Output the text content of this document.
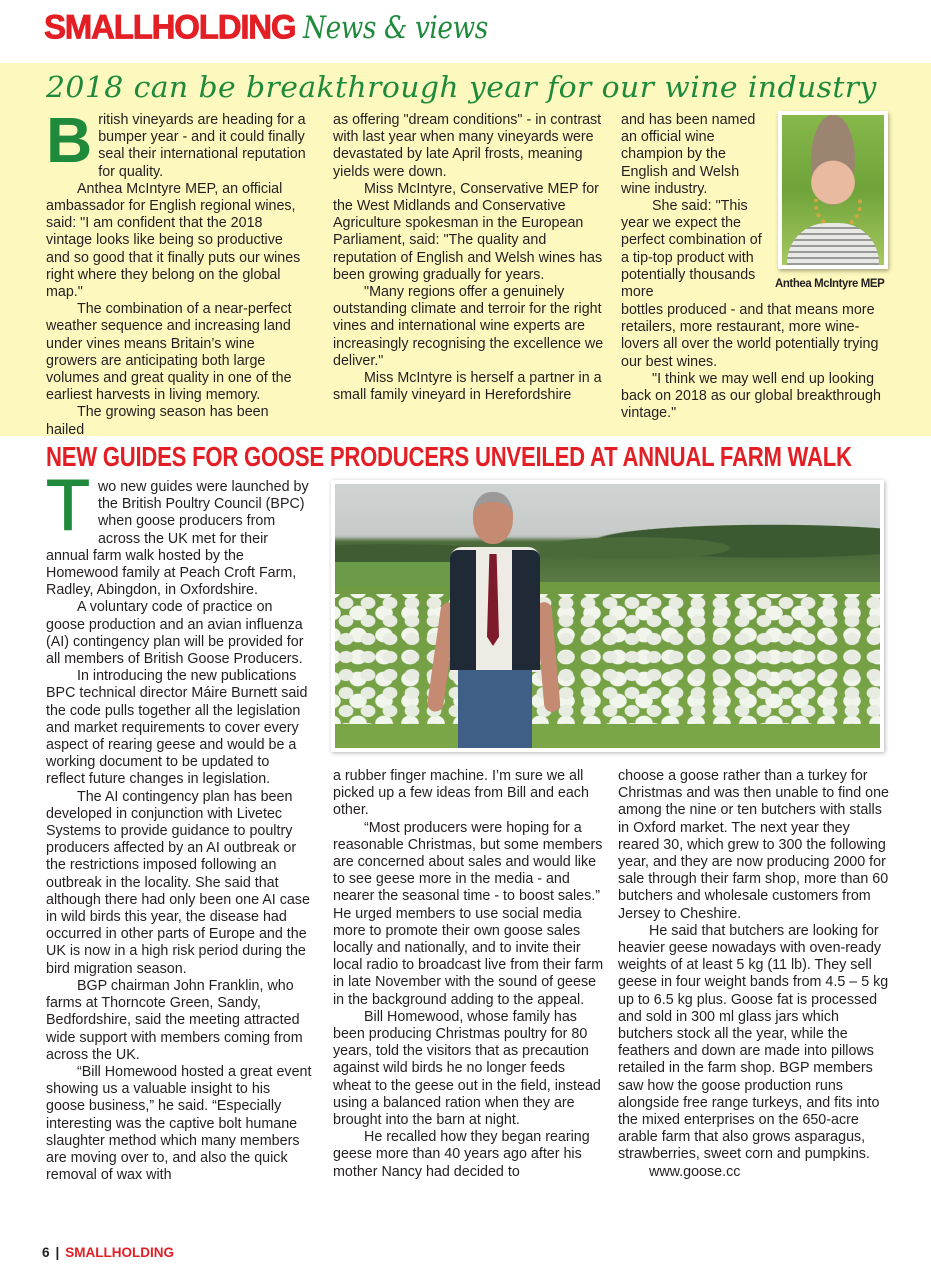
SMALLHOLDING News & views
2018 can be breakthrough year for our wine industry

British vineyards are heading for a bumper year - and it could finally seal their international reputation for quality.

Anthea McIntyre MEP, an official ambassador for English regional wines, said: "I am confident that the 2018 vintage looks like being so productive and so good that it finally puts our wines right where they belong on the global map."

The combination of a near-perfect weather sequence and increasing land under vines means Britain’s wine growers are anticipating both large volumes and great quality in one of the earliest harvests in living memory.

The growing season has been hailed

as offering "dream conditions" - in contrast with last year when many vineyards were devastated by late April frosts, meaning yields were down.

Miss McIntyre, Conservative MEP for the West Midlands and Conservative Agriculture spokesman in the European Parliament, said: "The quality and reputation of English and Welsh wines has been growing gradually for years.

"Many regions offer a genuinely outstanding climate and terroir for the right vines and international wine experts are increasingly recognising the excellence we deliver."

Miss McIntyre is herself a partner in a small family vineyard in Herefordshire

and has been named an official wine champion by the English and Welsh wine industry.

She said: "This year we expect the perfect combination of a tip-top product with potentially thousands more

bottles produced - and that means more retailers, more restaurant, more wine-lovers all over the world potentially trying our best wines.

"I think we may well end up looking back on 2018 as our global breakthrough vintage."

Anthea McIntyre MEP
NEW GUIDES FOR GOOSE PRODUCERS UNVEILED AT ANNUAL FARM WALK

Two new guides were launched by the British Poultry Council (BPC) when goose producers from across the UK met for their annual farm walk hosted by the Homewood family at Peach Croft Farm, Radley, Abingdon, in Oxfordshire.

A voluntary code of practice on goose production and an avian influenza (AI) contingency plan will be provided for all members of British Goose Producers.

In introducing the new publications BPC technical director Máire Burnett said the code pulls together all the legislation and market requirements to cover every aspect of rearing geese and would be a working document to be updated to reflect future changes in legislation.

The AI contingency plan has been developed in conjunction with Livetec Systems to provide guidance to poultry producers affected by an AI outbreak or the restrictions imposed following an outbreak in the locality. She said that although there had only been one AI case in wild birds this year, the disease had occurred in other parts of Europe and the UK is now in a high risk period during the bird migration season.

BGP chairman John Franklin, who farms at Thorncote Green, Sandy, Bedfordshire, said the meeting attracted wide support with members coming from across the UK.

“Bill Homewood hosted a great event showing us a valuable insight to his goose business,” he said. “Especially interesting was the captive bolt humane slaughter method which many members are moving over to, and also the quick removal of wax with

a rubber finger machine. I’m sure we all picked up a few ideas from Bill and each other.

“Most producers were hoping for a reasonable Christmas, but some members are concerned about sales and would like to see geese more in the media - and nearer the seasonal time - to boost sales.” He urged members to use social media more to promote their own goose sales locally and nationally, and to invite their local radio to broadcast live from their farm in late November with the sound of geese in the background adding to the appeal.

Bill Homewood, whose family has been producing Christmas poultry for 80 years, told the visitors that as precaution against wild birds he no longer feeds wheat to the geese out in the field, instead using a balanced ration when they are brought into the barn at night.

He recalled how they began rearing geese more than 40 years ago after his mother Nancy had decided to

choose a goose rather than a turkey for Christmas and was then unable to find one among the nine or ten butchers with stalls in Oxford market. The next year they reared 30, which grew to 300 the following year, and they are now producing 2000 for sale through their farm shop, more than 60 butchers and wholesale customers from Jersey to Cheshire.

He said that butchers are looking for heavier geese nowadays with oven-ready weights of at least 5 kg (11 lb). They sell geese in four weight bands from 4.5 – 5 kg up to 6.5 kg plus. Goose fat is processed and sold in 300 ml glass jars which butchers stock all the year, while the feathers and down are made into pillows retailed in the farm shop. BGP members saw how the goose production runs alongside free range turkeys, and fits into the mixed enterprises on the 650-acre arable farm that also grows asparagus, strawberries, sweet corn and pumpkins.

www.goose.cc

6 | SMALLHOLDING
